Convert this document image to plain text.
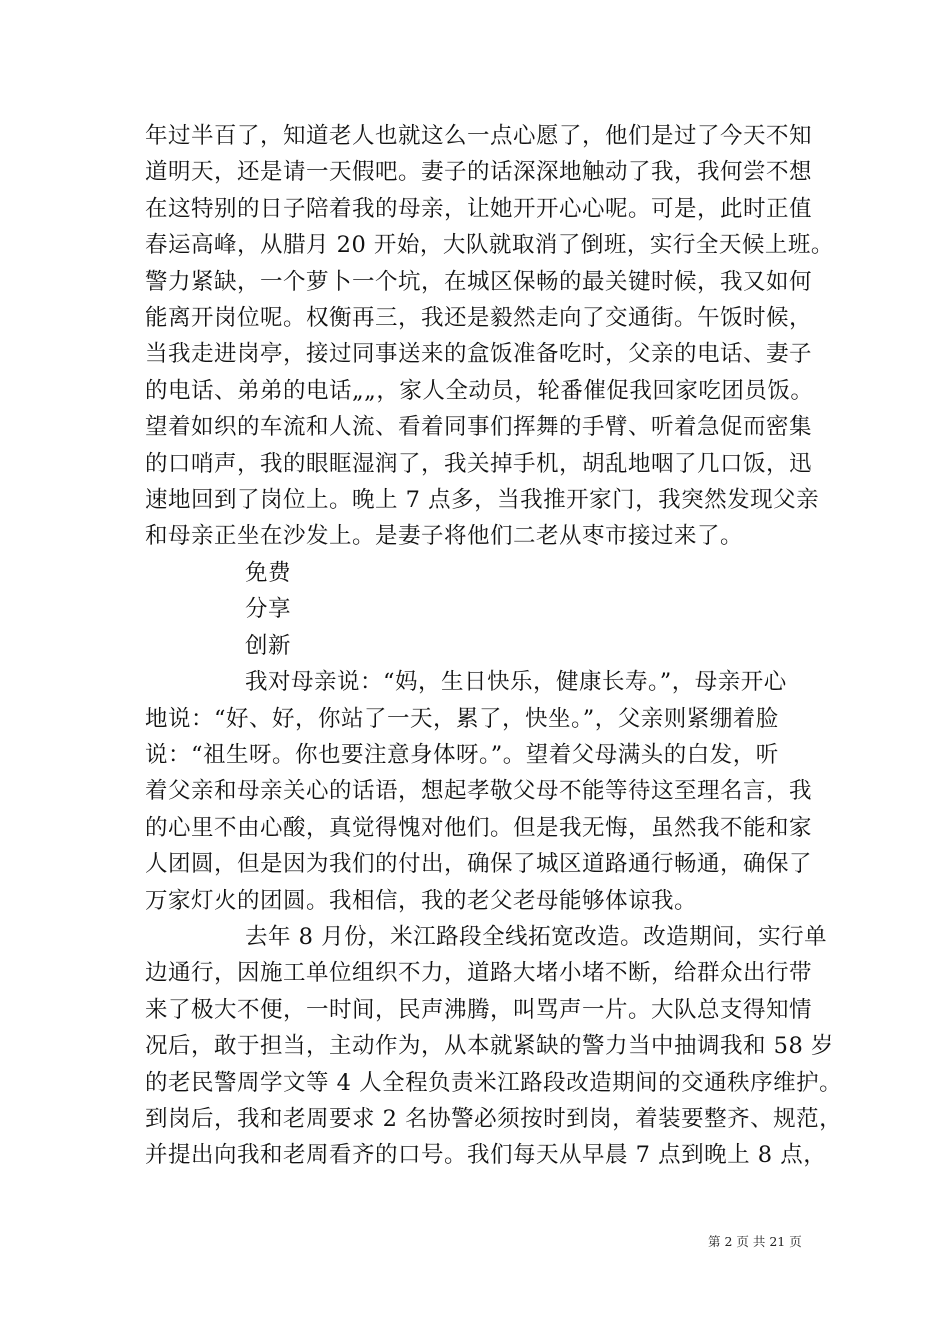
年过半百了，知道老人也就这么一点心愿了，他们是过了今天不知
道明天，还是请一天假吧。妻子的话深深地触动了我，我何尝不想
在这特别的日子陪着我的母亲，让她开开心心呢。可是，此时正值
春运高峰，从腊月 20 开始，大队就取消了倒班，实行全天候上班。
警力紧缺，一个萝卜一个坑，在城区保畅的最关键时候，我又如何
能离开岗位呢。权衡再三，我还是毅然走向了交通街。午饭时候，
当我走进岗亭，接过同事送来的盒饭准备吃时，父亲的电话、妻子
的电话、弟弟的电话„„，家人全动员，轮番催促我回家吃团员饭。
望着如织的车流和人流、看着同事们挥舞的手臂、听着急促而密集
的口哨声，我的眼眶湿润了，我关掉手机，胡乱地咽了几口饭，迅
速地回到了岗位上。晚上 7 点多，当我推开家门，我突然发现父亲
和母亲正坐在沙发上。是妻子将他们二老从枣市接过来了。

免费
分享
创新

我对母亲说：“妈，生日快乐，健康长寿。”，母亲开心
地说：“好、好，你站了一天，累了，快坐。”，父亲则紧绷着脸
说：“祖生呀。你也要注意身体呀。”。望着父母满头的白发，听
着父亲和母亲关心的话语，想起孝敬父母不能等待这至理名言，我
的心里不由心酸，真觉得愧对他们。但是我无悔，虽然我不能和家
人团圆，但是因为我们的付出，确保了城区道路通行畅通，确保了
万家灯火的团圆。我相信，我的老父老母能够体谅我。

去年 8 月份，米江路段全线拓宽改造。改造期间，实行单
边通行，因施工单位组织不力，道路大堵小堵不断，给群众出行带
来了极大不便，一时间，民声沸腾，叫骂声一片。大队总支得知情
况后，敢于担当，主动作为，从本就紧缺的警力当中抽调我和 58 岁
的老民警周学文等 4 人全程负责米江路段改造期间的交通秩序维护。
到岗后，我和老周要求 2 名协警必须按时到岗，着装要整齐、规范，
并提出向我和老周看齐的口号。我们每天从早晨 7 点到晚上 8 点，

第 2 页 共 21 页
